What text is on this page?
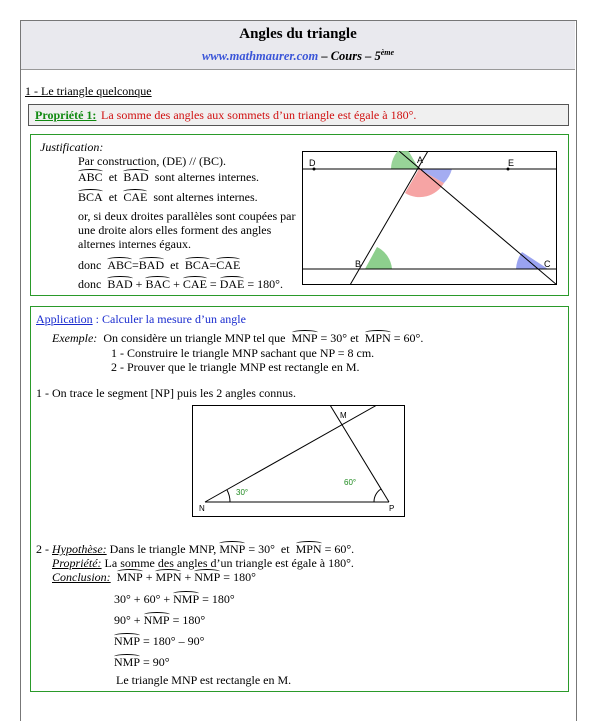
Angles du triangle
www.mathmaurer.com – Cours – 5ème
1 - Le triangle quelconque
Propriété 1: La somme des angles aux sommets d’un triangle est égale à 180°.
Justification:
Par construction, (DE) // (BC).
ABC et BAD sont alternes internes.
BCA et CAE sont alternes internes.
or, si deux droites parallèles sont coupées par
une droite alors elles forment des angles
alternes internes égaux.
donc ABC=BAD et BCA=CAE
donc BAD + BAC + CAE = DAE = 180°.
D	A	E
B	C
Application : Calculer la mesure d’un angle
Exemple: On considère un triangle MNP tel que MNP = 30° et  MPN = 60°.
1 - Construire le triangle MNP sachant que NP = 8 cm.
2 - Prouver que le triangle MNP est rectangle en M.
1 - On trace le segment [NP] puis les 2 angles connus.
N	P
M
30°
60°
2 - Hypothèse: Dans le triangle MNP, MNP = 30° et MPN = 60°.
Propriété: La somme des angles d’un triangle est égale à 180°.
Conclusion: MNP + MPN + NMP = 180°
30° + 60° + NMP = 180°
90° + NMP = 180°
NMP = 180° – 90°
NMP = 90°
Le triangle MNP est rectangle en M.
